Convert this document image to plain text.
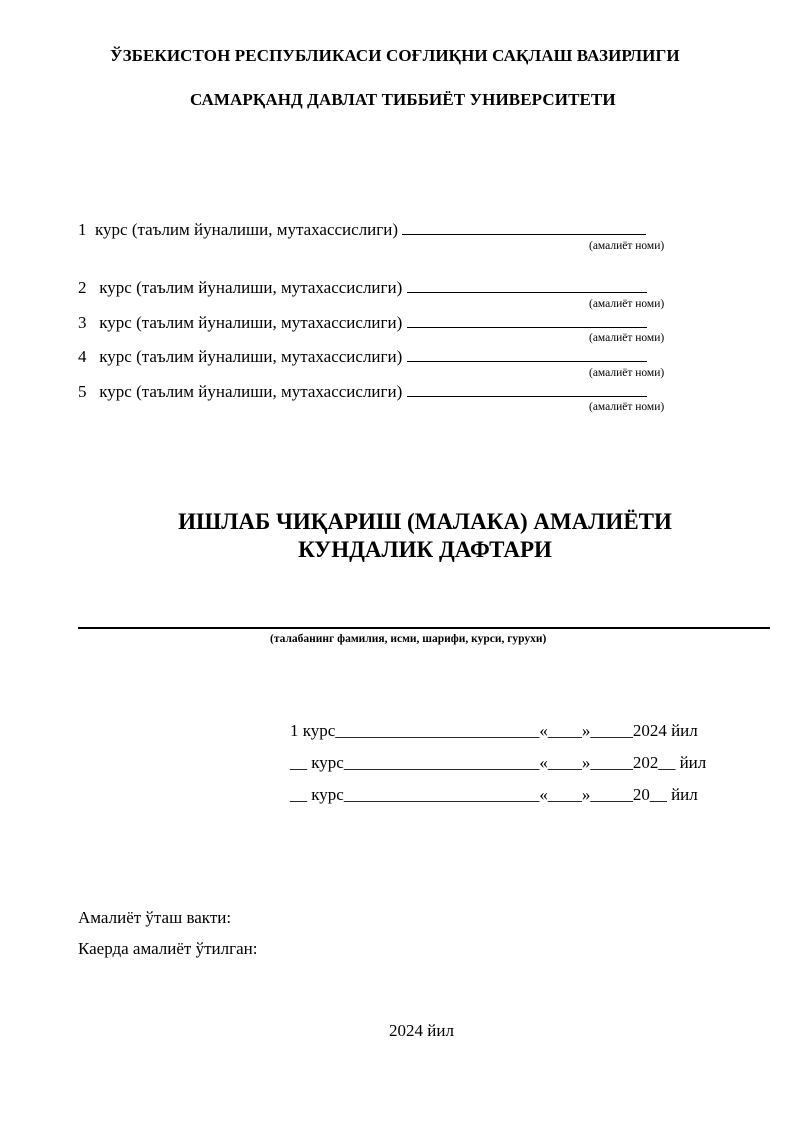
ЎЗБЕКИСТОН РЕСПУБЛИКАСИ СОҒЛИҚНИ САҚЛАШ ВАЗИРЛИГИ
САМАРҚАНД ДАВЛАТ ТИББИЁТ УНИВЕРСИТЕТИ
1 курс (таълим йуналиши, мутахассислиги)
(амалиёт номи)
2 курс (таълим йуналиши, мутахассислиги)
(амалиёт номи)
3 курс (таълим йуналиши, мутахассислиги)
(амалиёт номи)
4 курс (таълим йуналиши, мутахассислиги)
(амалиёт номи)
5 курс (таълим йуналиши, мутахассислиги)
(амалиёт номи)
ИШЛАБ ЧИҚАРИШ (МАЛАКА) АМАЛИЁТИ
КУНДАЛИК ДАФТАРИ
(талабанинг фамилия, исми, шарифи, курси, гурухи)
1 курс________________________«____»_____2024 йил
__ курс_______________________«____»_____202__ йил
__ курс_______________________«____»_____20__ йил
Амалиёт ўташ вакти:
Каерда амалиёт ўтилган:
2024 йил
